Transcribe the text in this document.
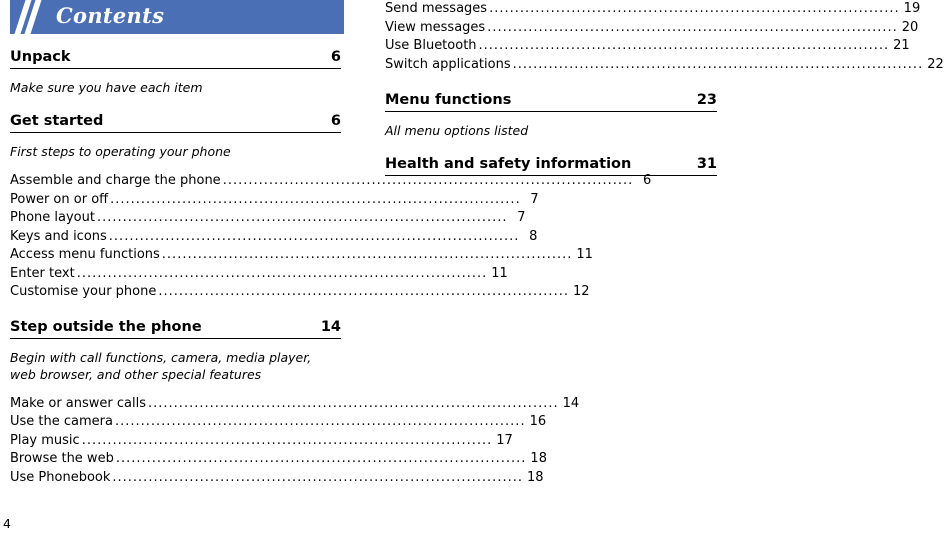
Contents
Unpack	6
Make sure you have each item
Get started	6
First steps to operating your phone
Assemble and charge the phone ................................................................................ 6
Power on or off ................................................................................ 7
Phone layout ................................................................................ 7
Keys and icons ................................................................................ 8
Access menu functions ................................................................................ 11
Enter text ................................................................................ 11
Customise your phone ................................................................................ 12
Step outside the phone	14
Begin with call functions, camera, media player, web browser, and other special features
Make or answer calls ................................................................................ 14
Use the camera ................................................................................ 16
Play music ................................................................................ 17
Browse the web ................................................................................ 18
Use Phonebook ................................................................................ 18
Send messages ................................................................................ 19
View messages ................................................................................ 20
Use Bluetooth ................................................................................ 21
Switch applications ................................................................................ 22
Menu functions	23
All menu options listed
Health and safety information	31
4
